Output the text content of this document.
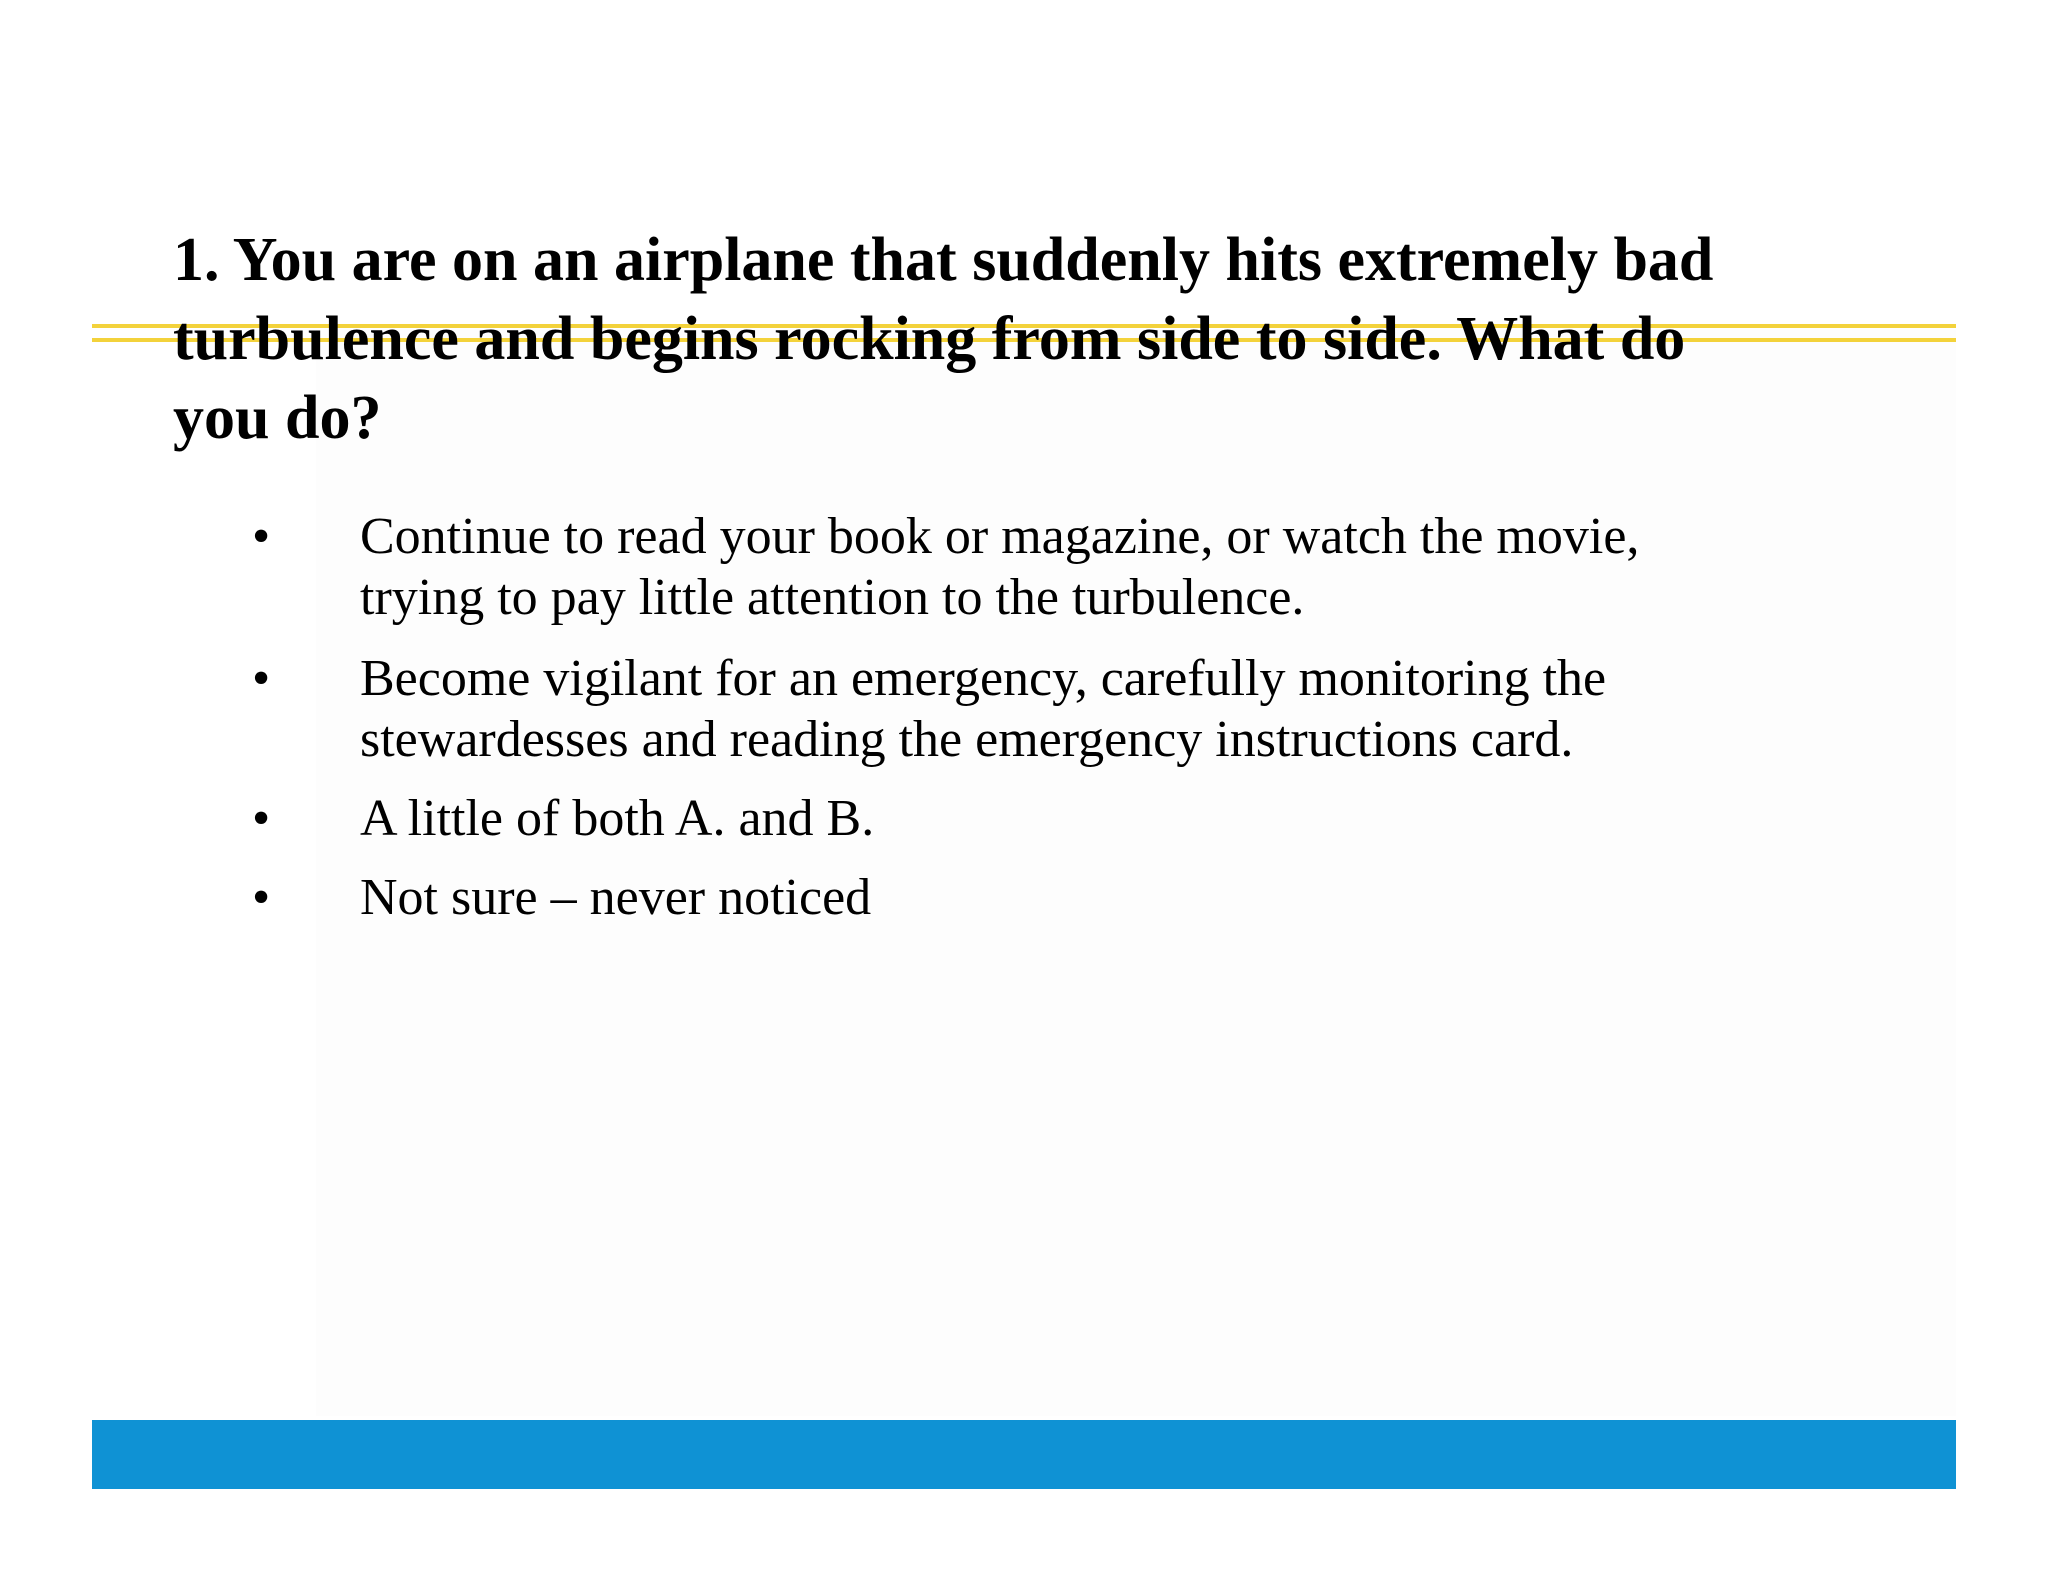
1. You are on an airplane that suddenly hits extremely bad
turbulence and begins rocking from side to side. What do
you do?
• Continue to read your book or magazine, or watch the movie,
trying to pay little attention to the turbulence.
• Become vigilant for an emergency, carefully monitoring the
stewardesses and reading the emergency instructions card.
• A little of both A. and B.
• Not sure – never noticed
